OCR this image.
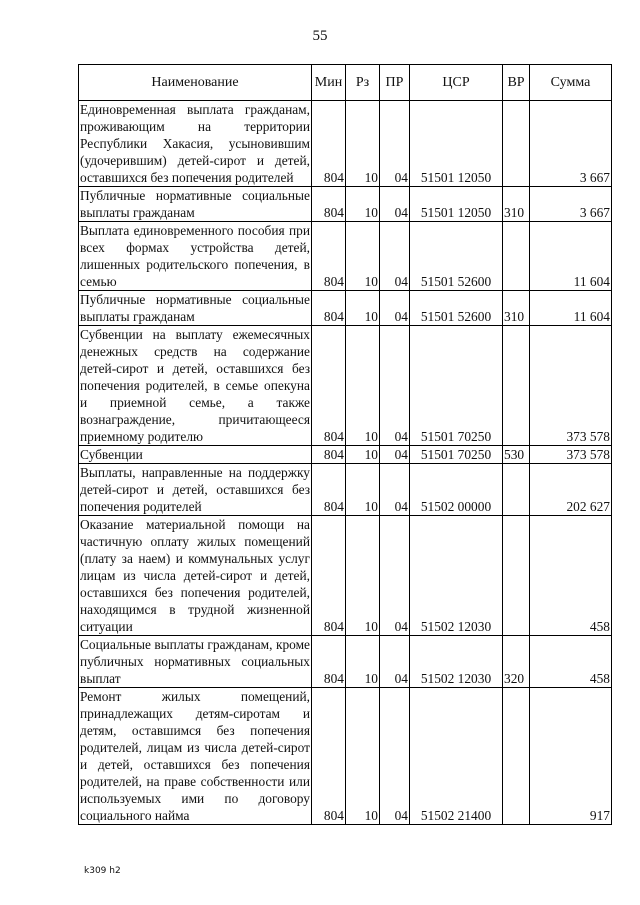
55
Наименование	Мин	Рз	ПР	ЦСР	ВР	Сумма
Единовременная выплата гражданам, проживающим на территории Республики Хакасия, усыновившим (удочерившим) детей-сирот и детей, оставшихся без попечения родителей	804	10	04	51501 12050		3 667
Публичные нормативные социальные выплаты гражданам	804	10	04	51501 12050	310	3 667
Выплата единовременного пособия при всех формах устройства детей, лишенных родительского попечения, в семью	804	10	04	51501 52600		11 604
Публичные нормативные социальные выплаты гражданам	804	10	04	51501 52600	310	11 604
Субвенции на выплату ежемесячных денежных средств на содержание детей-сирот и детей, оставшихся без попечения родителей, в семье опекуна и приемной семье, а также вознаграждение, причитающееся приемному родителю	804	10	04	51501 70250		373 578
Субвенции	804	10	04	51501 70250	530	373 578
Выплаты, направленные на поддержку детей-сирот и детей, оставшихся без попечения родителей	804	10	04	51502 00000		202 627
Оказание материальной помощи на частичную оплату жилых помещений (плату за наем) и коммунальных услуг лицам из числа детей-сирот и детей, оставшихся без попечения родителей, находящимся в трудной жизненной ситуации	804	10	04	51502 12030		458
Социальные выплаты гражданам, кроме публичных нормативных социальных выплат	804	10	04	51502 12030	320	458
Ремонт жилых помещений, принадлежащих детям-сиротам и детям, оставшимся без попечения родителей, лицам из числа детей-сирот и детей, оставшихся без попечения родителей, на праве собственности или используемых ими по договору социального найма	804	10	04	51502 21400		917
k309 h2
